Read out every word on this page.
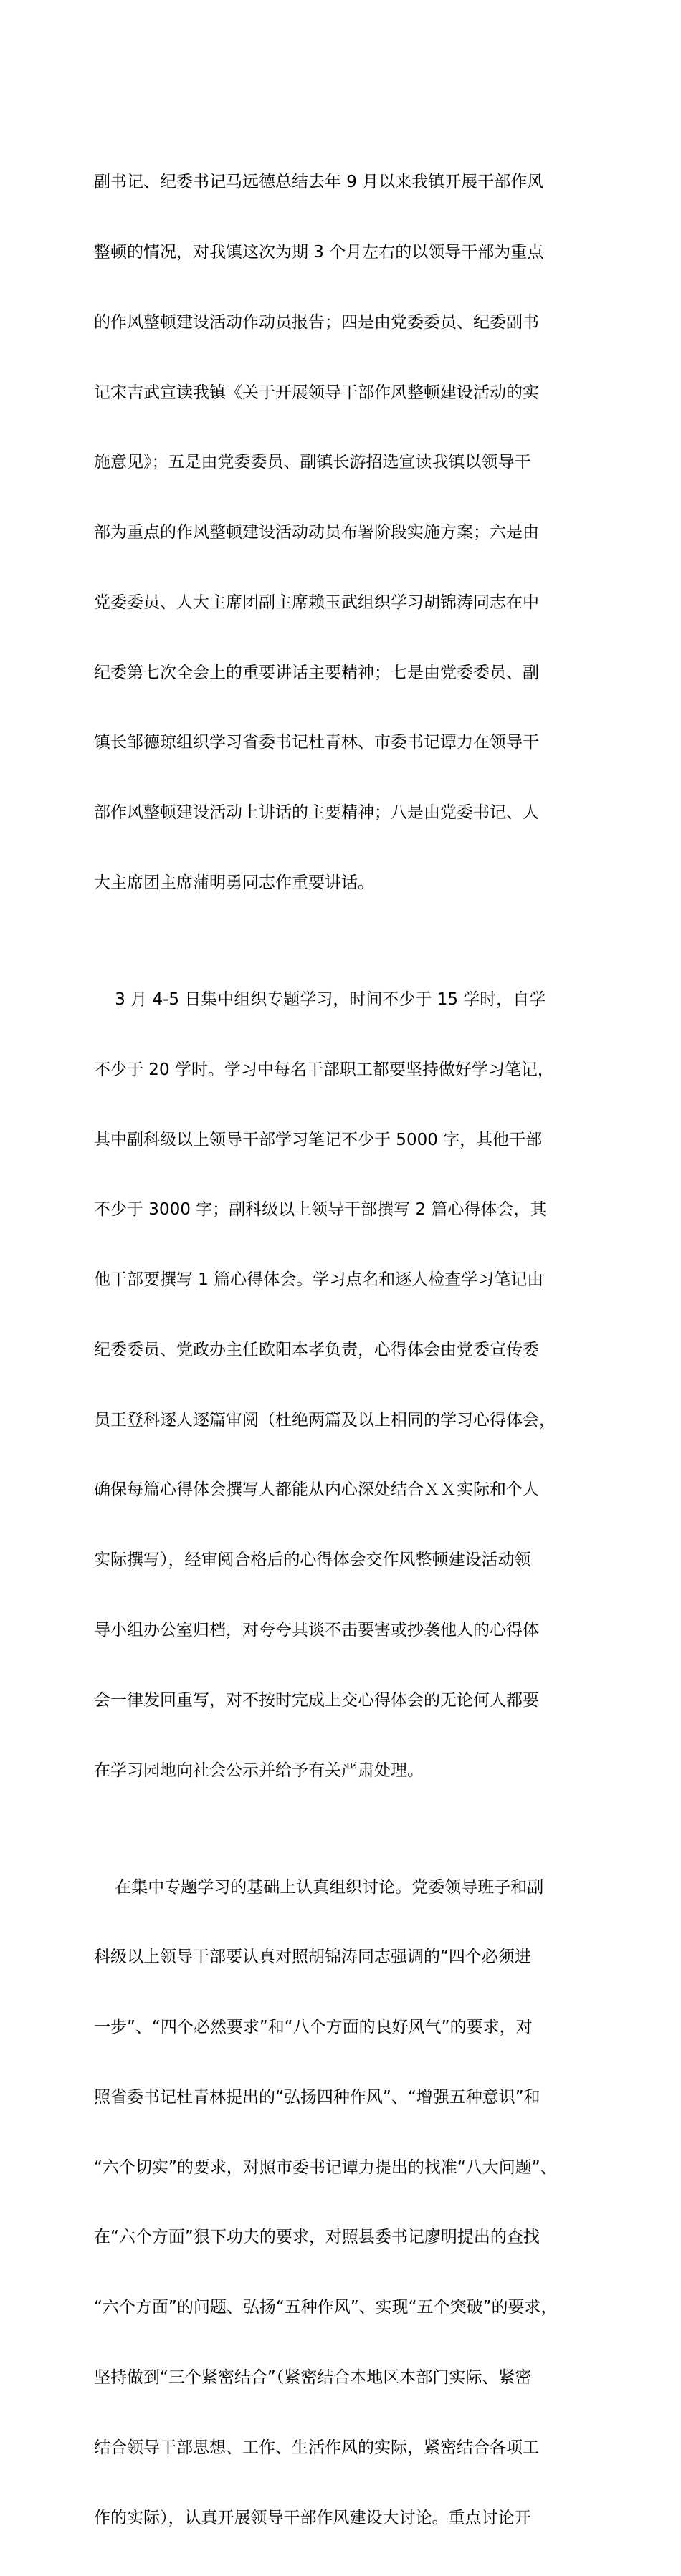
副书记、纪委书记马远德总结去年 9 月以来我镇开展干部作风

整顿的情况，对我镇这次为期 3 个月左右的以领导干部为重点

的作风整顿建设活动作动员报告；四是由党委委员、纪委副书

记宋吉武宣读我镇《关于开展领导干部作风整顿建设活动的实

施意见》；五是由党委委员、副镇长游招选宣读我镇以领导干

部为重点的作风整顿建设活动动员布署阶段实施方案；六是由

党委委员、人大主席团副主席赖玉武组织学习胡锦涛同志在中

纪委第七次全会上的重要讲话主要精神；七是由党委委员、副

镇长邹德琼组织学习省委书记杜青林、市委书记谭力在领导干

部作风整顿建设活动上讲话的主要精神；八是由党委书记、人

大主席团主席蒲明勇同志作重要讲话。

3 月 4-5 日集中组织专题学习，时间不少于 15 学时，自学

不少于 20 学时。学习中每名干部职工都要坚持做好学习笔记，

其中副科级以上领导干部学习笔记不少于 5000 字，其他干部

不少于 3000 字；副科级以上领导干部撰写 2 篇心得体会，其

他干部要撰写 1 篇心得体会。学习点名和逐人检查学习笔记由

纪委委员、党政办主任欧阳本孝负责，心得体会由党委宣传委

员王登科逐人逐篇审阅（杜绝两篇及以上相同的学习心得体会，

确保每篇心得体会撰写人都能从内心深处结合ＸＸ实际和个人

实际撰写），经审阅合格后的心得体会交作风整顿建设活动领

导小组办公室归档，对夸夸其谈不击要害或抄袭他人的心得体

会一律发回重写，对不按时完成上交心得体会的无论何人都要

在学习园地向社会公示并给予有关严肃处理。

在集中专题学习的基础上认真组织讨论。党委领导班子和副

科级以上领导干部要认真对照胡锦涛同志强调的“四个必须进

一步”、“四个必然要求”和“八个方面的良好风气”的要求，对

照省委书记杜青林提出的“弘扬四种作风”、“增强五种意识”和

“六个切实”的要求，对照市委书记谭力提出的找准“八大问题”、

在“六个方面”狠下功夫的要求，对照县委书记廖明提出的查找

“六个方面”的问题、弘扬“五种作风”、实现“五个突破”的要求，

坚持做到“三个紧密结合”（紧密结合本地区本部门实际、紧密

结合领导干部思想、工作、生活作风的实际，紧密结合各项工

作的实际），认真开展领导干部作风建设大讨论。重点讨论开
